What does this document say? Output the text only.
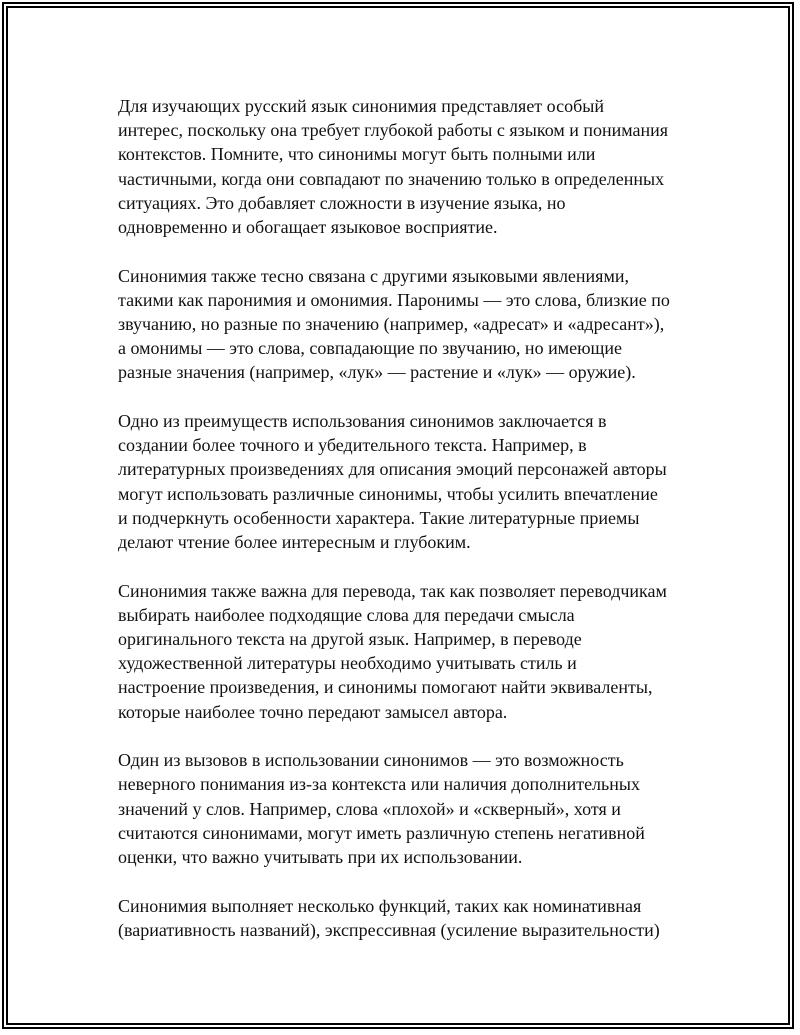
Для изучающих русский язык синонимия представляет особый
интерес, поскольку она требует глубокой работы с языком и понимания
контекстов. Помните, что синонимы могут быть полными или
частичными, когда они совпадают по значению только в определенных
ситуациях. Это добавляет сложности в изучение языка, но
одновременно и обогащает языковое восприятие.

Синонимия также тесно связана с другими языковыми явлениями,
такими как паронимия и омонимия. Паронимы — это слова, близкие по
звучанию, но разные по значению (например, «адресат» и «адресант»),
а омонимы — это слова, совпадающие по звучанию, но имеющие
разные значения (например, «лук» — растение и «лук» — оружие).

Одно из преимуществ использования синонимов заключается в
создании более точного и убедительного текста. Например, в
литературных произведениях для описания эмоций персонажей авторы
могут использовать различные синонимы, чтобы усилить впечатление
и подчеркнуть особенности характера. Такие литературные приемы
делают чтение более интересным и глубоким.

Синонимия также важна для перевода, так как позволяет переводчикам
выбирать наиболее подходящие слова для передачи смысла
оригинального текста на другой язык. Например, в переводе
художественной литературы необходимо учитывать стиль и
настроение произведения, и синонимы помогают найти эквиваленты,
которые наиболее точно передают замысел автора.

Один из вызовов в использовании синонимов — это возможность
неверного понимания из-за контекста или наличия дополнительных
значений у слов. Например, слова «плохой» и «скверный», хотя и
считаются синонимами, могут иметь различную степень негативной
оценки, что важно учитывать при их использовании.

Синонимия выполняет несколько функций, таких как номинативная
(вариативность названий), экспрессивная (усиление выразительности)
